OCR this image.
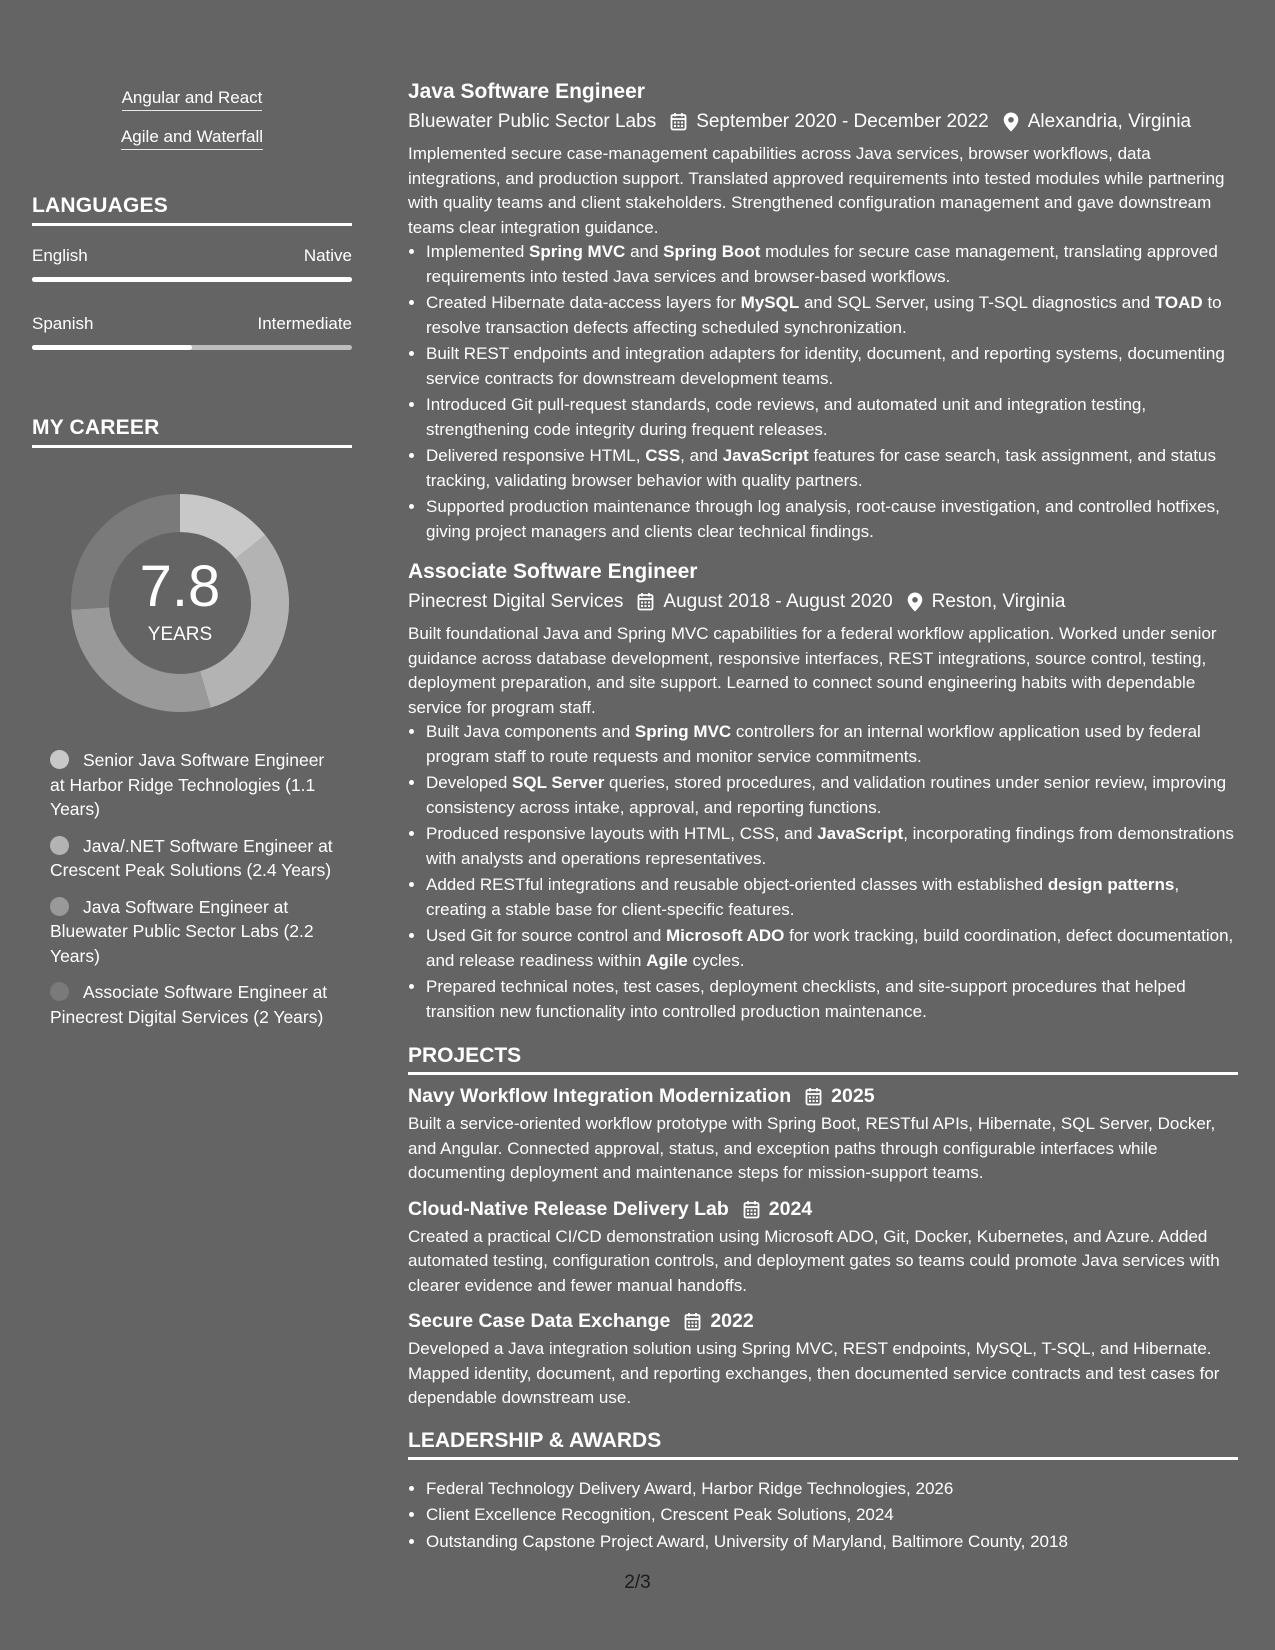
Angular and React
Agile and Waterfall
LANGUAGES
English	Native
Spanish	Intermediate
MY CAREER
7.8
YEARS
Senior Java Software Engineer at Harbor Ridge Technologies (1.1 Years)
Java/.NET Software Engineer at Crescent Peak Solutions (2.4 Years)
Java Software Engineer at Bluewater Public Sector Labs (2.2 Years)
Associate Software Engineer at Pinecrest Digital Services (2 Years)
Java Software Engineer
Bluewater Public Sector Labs	September 2020 - December 2022	Alexandria, Virginia

Implemented secure case-management capabilities across Java services, browser workflows, data integrations, and production support. Translated approved requirements into tested modules while partnering with quality teams and client stakeholders. Strengthened configuration management and gave downstream teams clear integration guidance.

• Implemented Spring MVC and Spring Boot modules for secure case management, translating approved requirements into tested Java services and browser-based workflows.
• Created Hibernate data-access layers for MySQL and SQL Server, using T-SQL diagnostics and TOAD to resolve transaction defects affecting scheduled synchronization.
• Built REST endpoints and integration adapters for identity, document, and reporting systems, documenting service contracts for downstream development teams.
• Introduced Git pull-request standards, code reviews, and automated unit and integration testing, strengthening code integrity during frequent releases.
• Delivered responsive HTML, CSS, and JavaScript features for case search, task assignment, and status tracking, validating browser behavior with quality partners.
• Supported production maintenance through log analysis, root-cause investigation, and controlled hotfixes, giving project managers and clients clear technical findings.
Associate Software Engineer
Pinecrest Digital Services	August 2018 - August 2020	Reston, Virginia

Built foundational Java and Spring MVC capabilities for a federal workflow application. Worked under senior guidance across database development, responsive interfaces, REST integrations, source control, testing, deployment preparation, and site support. Learned to connect sound engineering habits with dependable service for program staff.

• Built Java components and Spring MVC controllers for an internal workflow application used by federal program staff to route requests and monitor service commitments.
• Developed SQL Server queries, stored procedures, and validation routines under senior review, improving consistency across intake, approval, and reporting functions.
• Produced responsive layouts with HTML, CSS, and JavaScript, incorporating findings from demonstrations with analysts and operations representatives.
• Added RESTful integrations and reusable object-oriented classes with established design patterns, creating a stable base for client-specific features.
• Used Git for source control and Microsoft ADO for work tracking, build coordination, defect documentation, and release readiness within Agile cycles.
• Prepared technical notes, test cases, deployment checklists, and site-support procedures that helped transition new functionality into controlled production maintenance.
PROJECTS
Navy Workflow Integration Modernization 2025

Built a service-oriented workflow prototype with Spring Boot, RESTful APIs, Hibernate, SQL Server, Docker, and Angular. Connected approval, status, and exception paths through configurable interfaces while documenting deployment and maintenance steps for mission-support teams.

Cloud-Native Release Delivery Lab 2024

Created a practical CI/CD demonstration using Microsoft ADO, Git, Docker, Kubernetes, and Azure. Added automated testing, configuration controls, and deployment gates so teams could promote Java services with clearer evidence and fewer manual handoffs.

Secure Case Data Exchange 2022

Developed a Java integration solution using Spring MVC, REST endpoints, MySQL, T-SQL, and Hibernate. Mapped identity, document, and reporting exchanges, then documented service contracts and test cases for dependable downstream use.

LEADERSHIP & AWARDS
• Federal Technology Delivery Award, Harbor Ridge Technologies, 2026
• Client Excellence Recognition, Crescent Peak Solutions, 2024
• Outstanding Capstone Project Award, University of Maryland, Baltimore County, 2018
2/3
